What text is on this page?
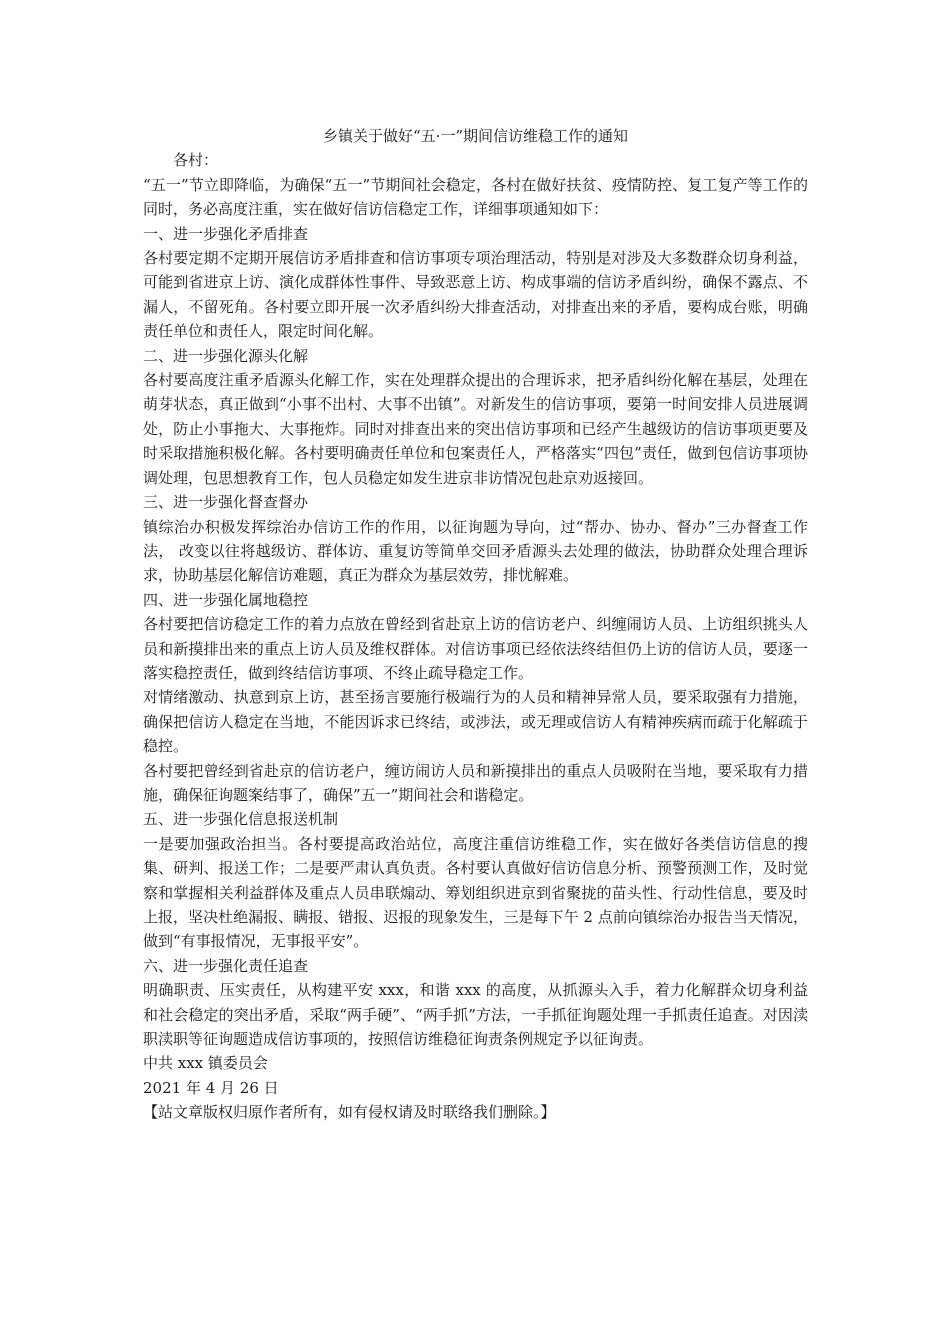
乡镇关于做好“五·一”期间信访维稳工作的通知

各村：

“五一”节立即降临，为确保“五一”节期间社会稳定，各村在做好扶贫、疫情防控、复工复产等工作的同时，务必高度注重，实在做好信访信稳定工作，详细事项通知如下：

一、进一步强化矛盾排查

各村要定期不定期开展信访矛盾排查和信访事项专项治理活动，特别是对涉及大多数群众切身利益，可能到省进京上访、演化成群体性事件、导致恶意上访、构成事端的信访矛盾纠纷，确保不露点、不漏人，不留死角。各村要立即开展一次矛盾纠纷大排查活动，对排查出来的矛盾，要构成台账，明确责任单位和责任人，限定时间化解。

二、进一步强化源头化解

各村要高度注重矛盾源头化解工作，实在处理群众提出的合理诉求，把矛盾纠纷化解在基层，处理在萌芽状态，真正做到“小事不出村、大事不出镇”。对新发生的信访事项，要第一时间安排人员进展调处，防止小事拖大、大事拖炸。同时对排查出来的突出信访事项和已经产生越级访的信访事项更要及时采取措施积极化解。各村要明确责任单位和包案责任人，严格落实“四包”责任，做到包信访事项协调处理，包思想教育工作，包人员稳定如发生进京非访情况包赴京劝返接回。

三、进一步强化督查督办

镇综治办积极发挥综治办信访工作的作用，以征询题为导向，过“帮办、协办、督办”三办督查工作法， 改变以往将越级访、群体访、重复访等简单交回矛盾源头去处理的做法，协助群众处理合理诉求，协助基层化解信访难题，真正为群众为基层效劳，排忧解难。

四、进一步强化属地稳控

各村要把信访稳定工作的着力点放在曾经到省赴京上访的信访老户、纠缠闹访人员、上访组织挑头人员和新摸排出来的重点上访人员及维权群体。对信访事项已经依法终结但仍上访的信访人员，要逐一落实稳控责任，做到终结信访事项、不终止疏导稳定工作。

对情绪激动、执意到京上访，甚至扬言要施行极端行为的人员和精神异常人员，要采取强有力措施，确保把信访人稳定在当地，不能因诉求已终结，或涉法，或无理或信访人有精神疾病而疏于化解疏于稳控。

各村要把曾经到省赴京的信访老户，缠访闹访人员和新摸排出的重点人员吸附在当地，要采取有力措施，确保征询题案结事了，确保”五一”期间社会和谐稳定。

五、进一步强化信息报送机制

一是要加强政治担当。各村要提高政治站位，高度注重信访维稳工作，实在做好各类信访信息的搜集、研判、报送工作；二是要严肃认真负责。各村要认真做好信访信息分析、预警预测工作，及时觉察和掌握相关利益群体及重点人员串联煽动、筹划组织进京到省聚拢的苗头性、行动性信息，要及时上报，坚决杜绝漏报、瞒报、错报、迟报的现象发生，三是每下午 2 点前向镇综治办报告当天情况，做到“有事报情况，无事报平安”。

六、进一步强化责任追查

明确职责、压实责任，从构建平安 xxx，和谐 xxx 的高度，从抓源头入手，着力化解群众切身利益和社会稳定的突出矛盾，采取“两手硬”、“两手抓”方法，一手抓征询题处理一手抓责任追查。对因渎职渎职等征询题造成信访事项的，按照信访维稳征询责条例规定予以征询责。

中共 xxx 镇委员会

2021 年 4 月 26 日

【站文章版权归原作者所有，如有侵权请及时联络我们删除。】
